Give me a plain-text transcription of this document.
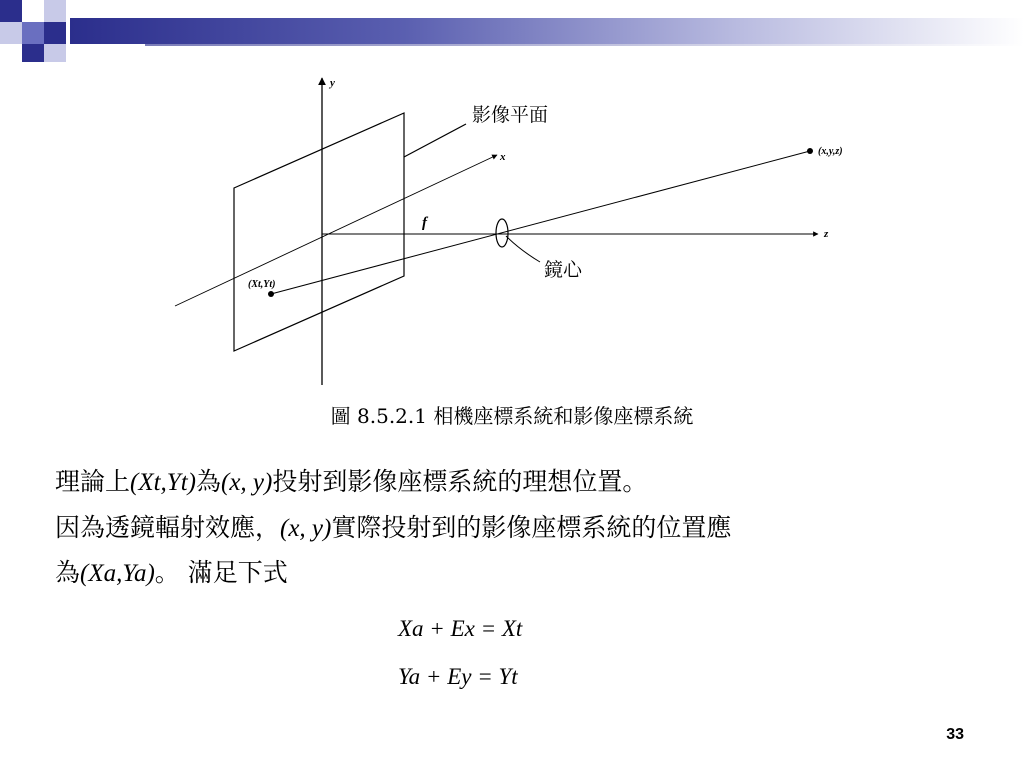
y
x
z
f
(x,y,z)
(Xt,Yt)
影像平面
鏡心
圖 8.5.2.1 相機座標系統和影像座標系統
理論上(Xt,Yt)為(x, y)投射到影像座標系統的理想位置。
因為透鏡輻射效應，(x, y)實際投射到的影像座標系統的位置應
為(Xa,Ya)。 滿足下式
Xa + Ex = Xt
Ya + Ey = Yt
33
